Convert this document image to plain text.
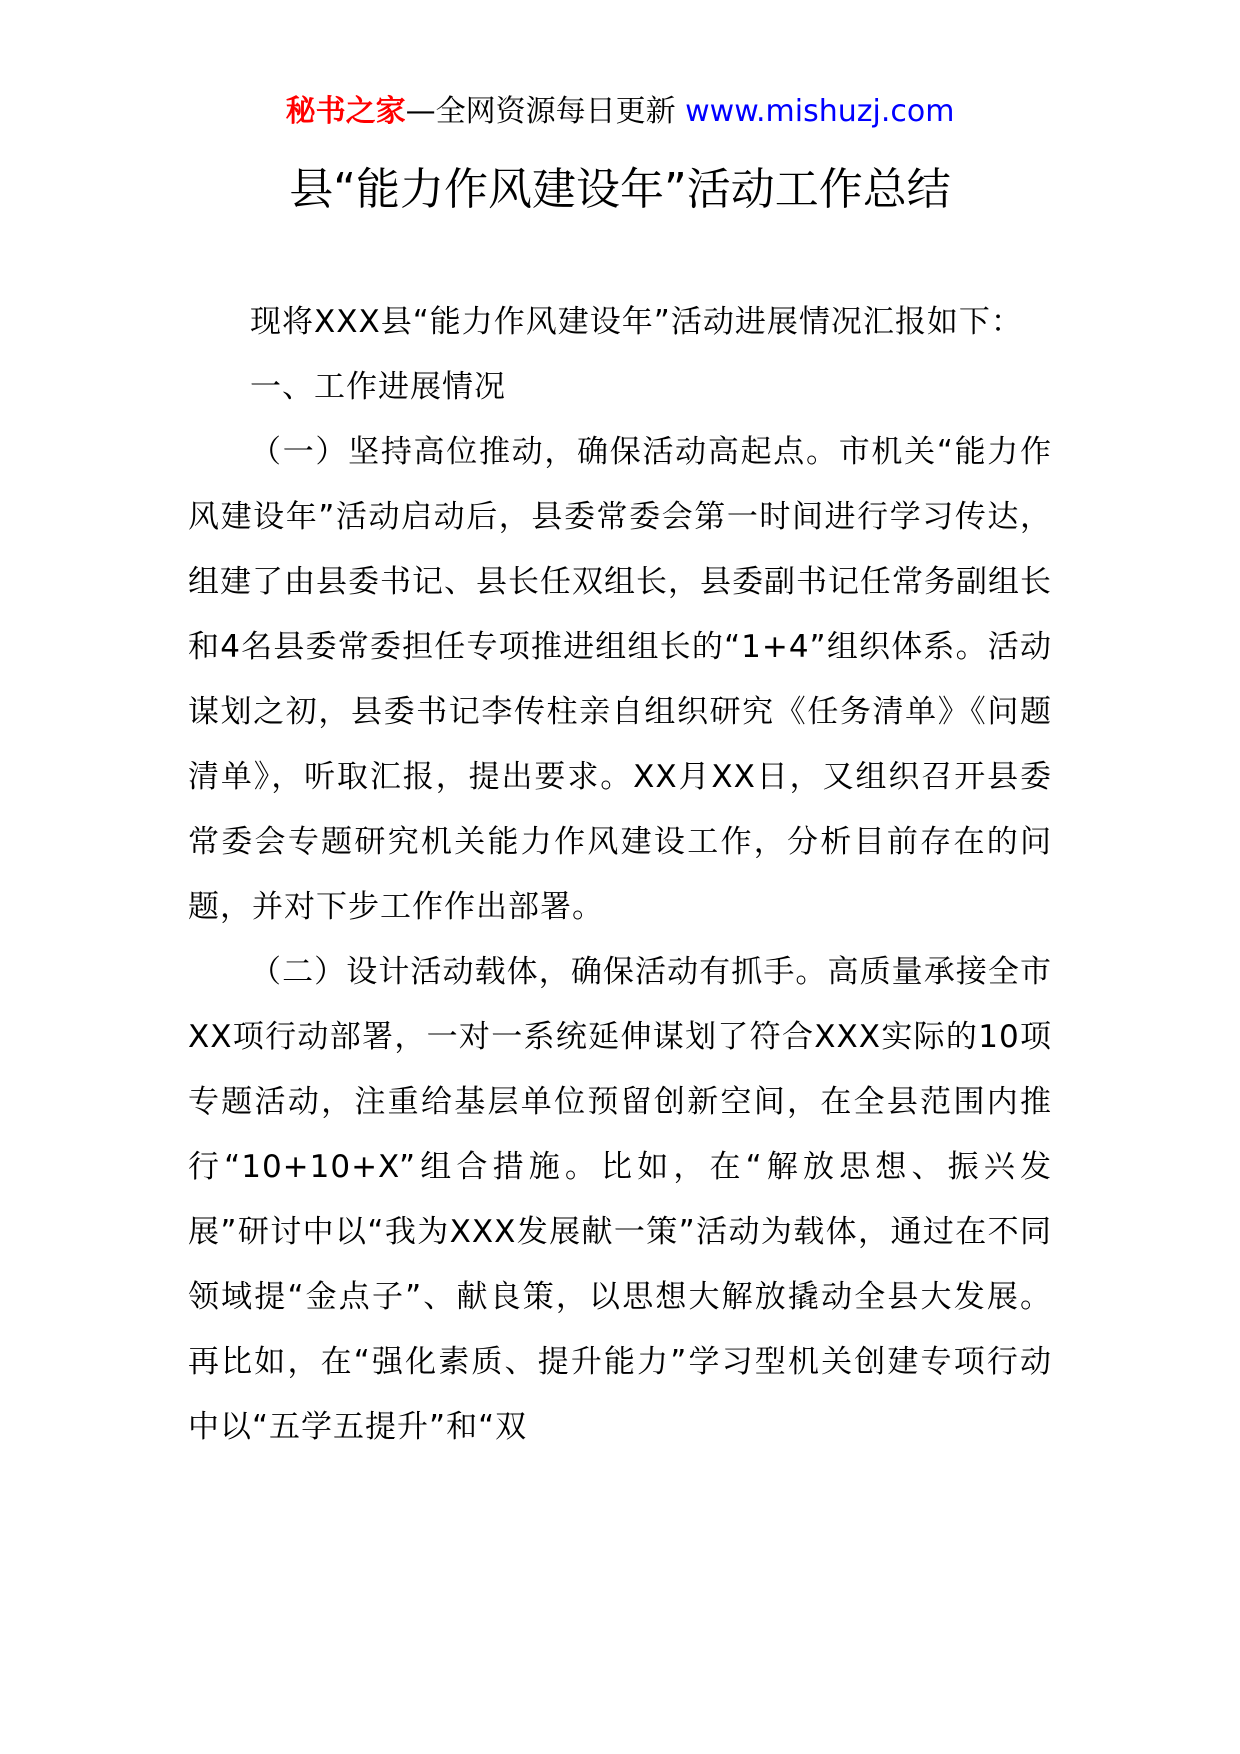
秘书之家—全网资源每日更新 www.mishuzj.com
县“能力作风建设年”活动工作总结

现将XXX县“能力作风建设年”活动进展情况汇报如下：

一、工作进展情况

（一）坚持高位推动，确保活动高起点。市机关“能力作风建设年”活动启动后，县委常委会第一时间进行学习传达，组建了由县委书记、县长任双组长，县委副书记任常务副组长和4名县委常委担任专项推进组组长的“1+4”组织体系。活动谋划之初，县委书记李传柱亲自组织研究《任务清单》《问题清单》，听取汇报，提出要求。XX月XX日，又组织召开县委常委会专题研究机关能力作风建设工作，分析目前存在的问题，并对下步工作作出部署。

（二）设计活动载体，确保活动有抓手。高质量承接全市XX项行动部署，一对一系统延伸谋划了符合XXX实际的10项专题活动，注重给基层单位预留创新空间，在全县范围内推行“10+10+X”组合措施。比如，在“解放思想、振兴发展”研讨中以“我为XXX发展献一策”活动为载体，通过在不同领域提“金点子”、献良策，以思想大解放撬动全县大发展。再比如，在“强化素质、提升能力”学习型机关创建专项行动中以“五学五提升”和“双
